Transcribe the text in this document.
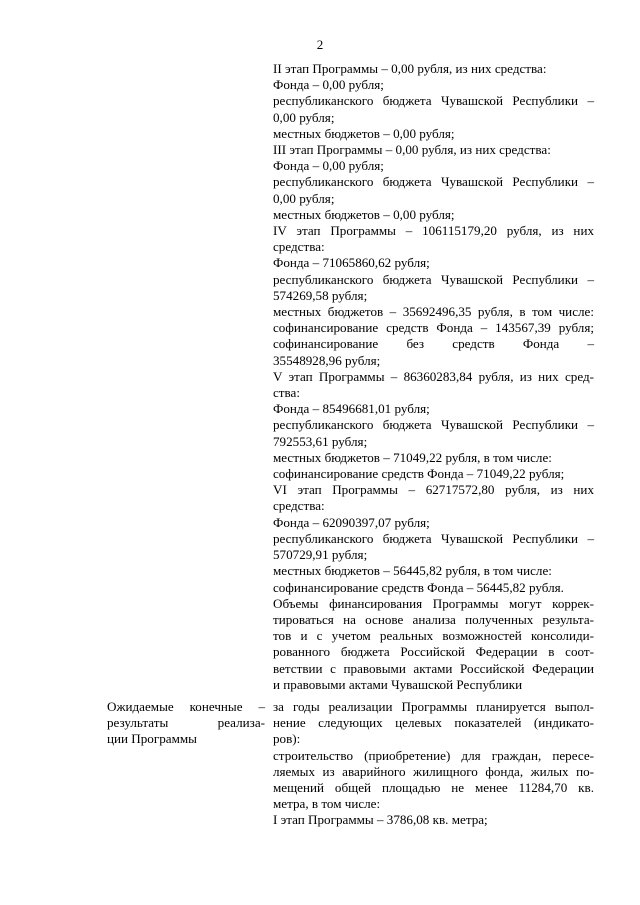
2
II этап Программы – 0,00 рубля, из них средства:
Фонда – 0,00 рубля;
республиканского бюджета Чувашской Республики –
0,00 рубля;
местных бюджетов – 0,00 рубля;
III этап Программы – 0,00 рубля, из них средства:
Фонда – 0,00 рубля;
республиканского бюджета Чувашской Республики –
0,00 рубля;
местных бюджетов – 0,00 рубля;
IV этап Программы – 106115179,20 рубля, из них
средства:
Фонда – 71065860,62 рубля;
республиканского бюджета Чувашской Республики –
574269,58 рубля;
местных бюджетов – 35692496,35 рубля, в том числе:
софинансирование средств Фонда – 143567,39 рубля;
софинансирование без средств Фонда –
35548928,96 рубля;
V этап Программы – 86360283,84 рубля, из них сред-
ства:
Фонда – 85496681,01 рубля;
республиканского бюджета Чувашской Республики –
792553,61 рубля;
местных бюджетов – 71049,22 рубля, в том числе:
софинансирование средств Фонда – 71049,22 рубля;
VI этап Программы – 62717572,80 рубля, из них
средства:
Фонда – 62090397,07 рубля;
республиканского бюджета Чувашской Республики –
570729,91 рубля;
местных бюджетов – 56445,82 рубля, в том числе:
софинансирование средств Фонда – 56445,82 рубля.
Объемы финансирования Программы могут коррек-
тироваться на основе анализа полученных результа-
тов и с учетом реальных возможностей консолиди-
рованного бюджета Российской Федерации в соот-
ветствии с правовыми актами Российской Федерации
и правовыми актами Чувашской Республики
Ожидаемые конечные –
результаты реализа-
ции Программы
за годы реализации Программы планируется выпол-
нение следующих целевых показателей (индикато-
ров):
строительство (приобретение) для граждан, пересе-
ляемых из аварийного жилищного фонда, жилых по-
мещений общей площадью не менее 11284,70 кв.
метра, в том числе:
I этап Программы – 3786,08 кв. метра;
